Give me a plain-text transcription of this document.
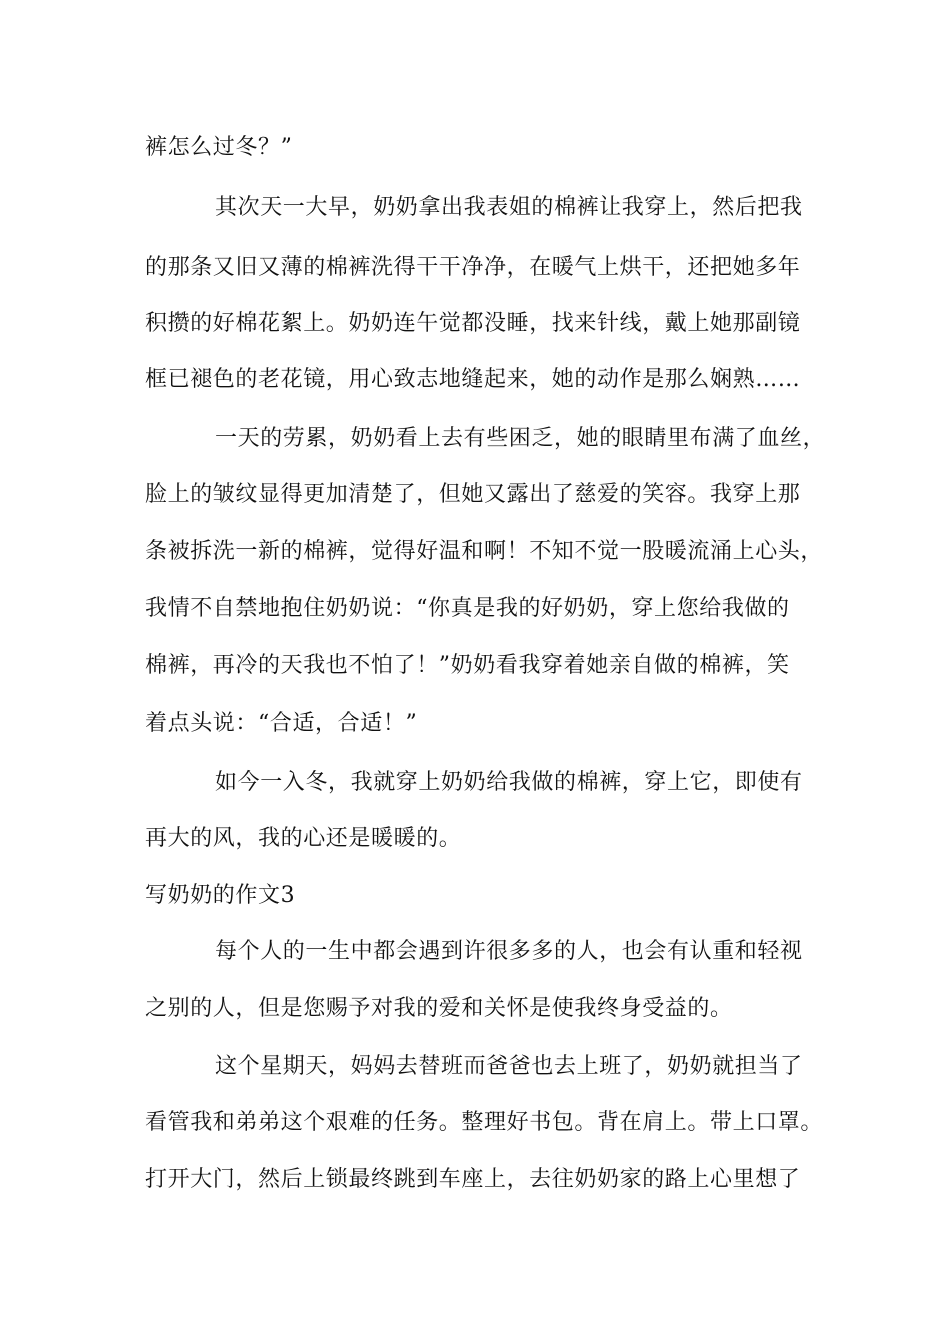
裤怎么过冬？”
其次天一大早，奶奶拿出我表姐的棉裤让我穿上，然后把我
的那条又旧又薄的棉裤洗得干干净净，在暖气上烘干，还把她多年
积攒的好棉花絮上。奶奶连午觉都没睡，找来针线，戴上她那副镜
框已褪色的老花镜，用心致志地缝起来，她的动作是那么娴熟……
一天的劳累，奶奶看上去有些困乏，她的眼睛里布满了血丝，
脸上的皱纹显得更加清楚了，但她又露出了慈爱的笑容。我穿上那
条被拆洗一新的棉裤，觉得好温和啊！不知不觉一股暖流涌上心头，
我情不自禁地抱住奶奶说：“你真是我的好奶奶，穿上您给我做的
棉裤，再冷的天我也不怕了！”奶奶看我穿着她亲自做的棉裤，笑
着点头说：“合适，合适！”
如今一入冬，我就穿上奶奶给我做的棉裤，穿上它，即使有
再大的风，我的心还是暖暖的。
写奶奶的作文3
每个人的一生中都会遇到许很多多的人，也会有认重和轻视
之别的人，但是您赐予对我的爱和关怀是使我终身受益的。
这个星期天，妈妈去替班而爸爸也去上班了，奶奶就担当了
看管我和弟弟这个艰难的任务。整理好书包。背在肩上。带上口罩。
打开大门，然后上锁最终跳到车座上，去往奶奶家的路上心里想了
